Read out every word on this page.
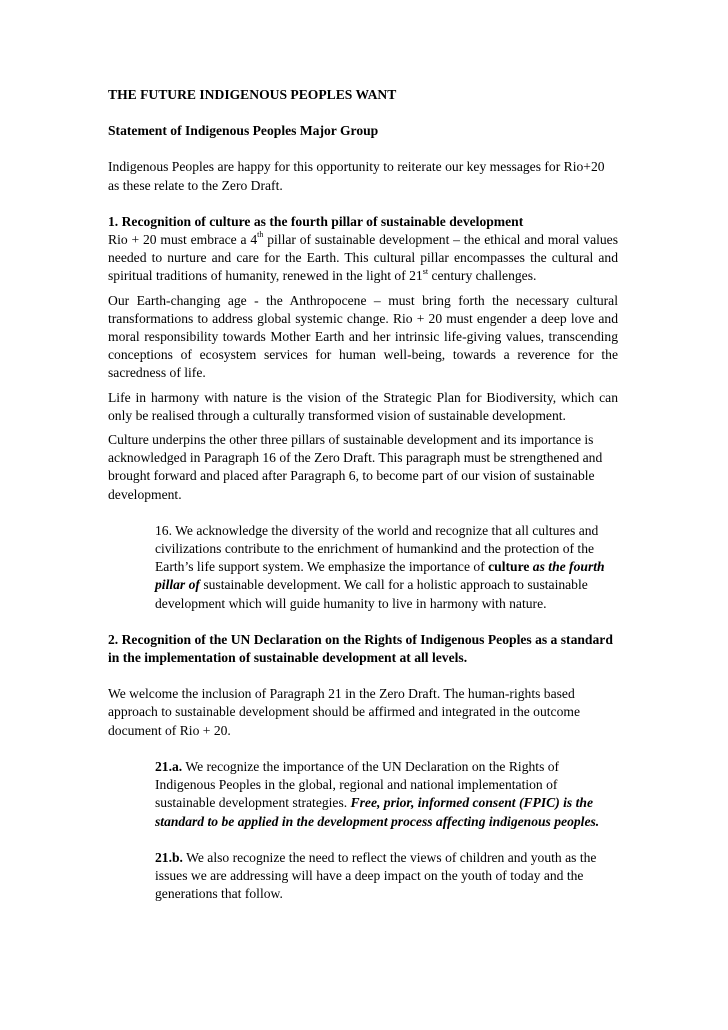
THE FUTURE INDIGENOUS PEOPLES WANT

Statement of Indigenous Peoples Major Group

Indigenous Peoples are happy for this opportunity to reiterate our key messages for Rio+20 as these relate to the Zero Draft.

1. Recognition of culture as the fourth pillar of sustainable development

Rio + 20 must embrace a 4th pillar of sustainable development – the ethical and moral values needed to nurture and care for the Earth. This cultural pillar encompasses the cultural and spiritual traditions of humanity, renewed in the light of 21st century challenges.

Our Earth-changing age - the Anthropocene – must bring forth the necessary cultural transformations to address global systemic change. Rio + 20 must engender a deep love and moral responsibility towards Mother Earth and her intrinsic life-giving values, transcending conceptions of ecosystem services for human well-being, towards a reverence for the sacredness of life.

Life in harmony with nature is the vision of the Strategic Plan for Biodiversity, which can only be realised through a culturally transformed vision of sustainable development.

Culture underpins the other three pillars of sustainable development and its importance is acknowledged in Paragraph 16 of the Zero Draft. This paragraph must be strengthened and brought forward and placed after Paragraph 6, to become part of our vision of sustainable development.

16. We acknowledge the diversity of the world and recognize that all cultures and civilizations contribute to the enrichment of humankind and the protection of the Earth’s life support system. We emphasize the importance of culture as the fourth pillar of sustainable development. We call for a holistic approach to sustainable development which will guide humanity to live in harmony with nature.

2. Recognition of the UN Declaration on the Rights of Indigenous Peoples as a standard in the implementation of sustainable development at all levels.

We welcome the inclusion of Paragraph 21 in the Zero Draft. The human-rights based approach to sustainable development should be affirmed and integrated in the outcome document of Rio + 20.

21.a. We recognize the importance of the UN Declaration on the Rights of Indigenous Peoples in the global, regional and national implementation of sustainable development strategies. Free, prior, informed consent (FPIC) is the standard to be applied in the development process affecting indigenous peoples.

21.b. We also recognize the need to reflect the views of children and youth as the issues we are addressing will have a deep impact on the youth of today and the generations that follow.
